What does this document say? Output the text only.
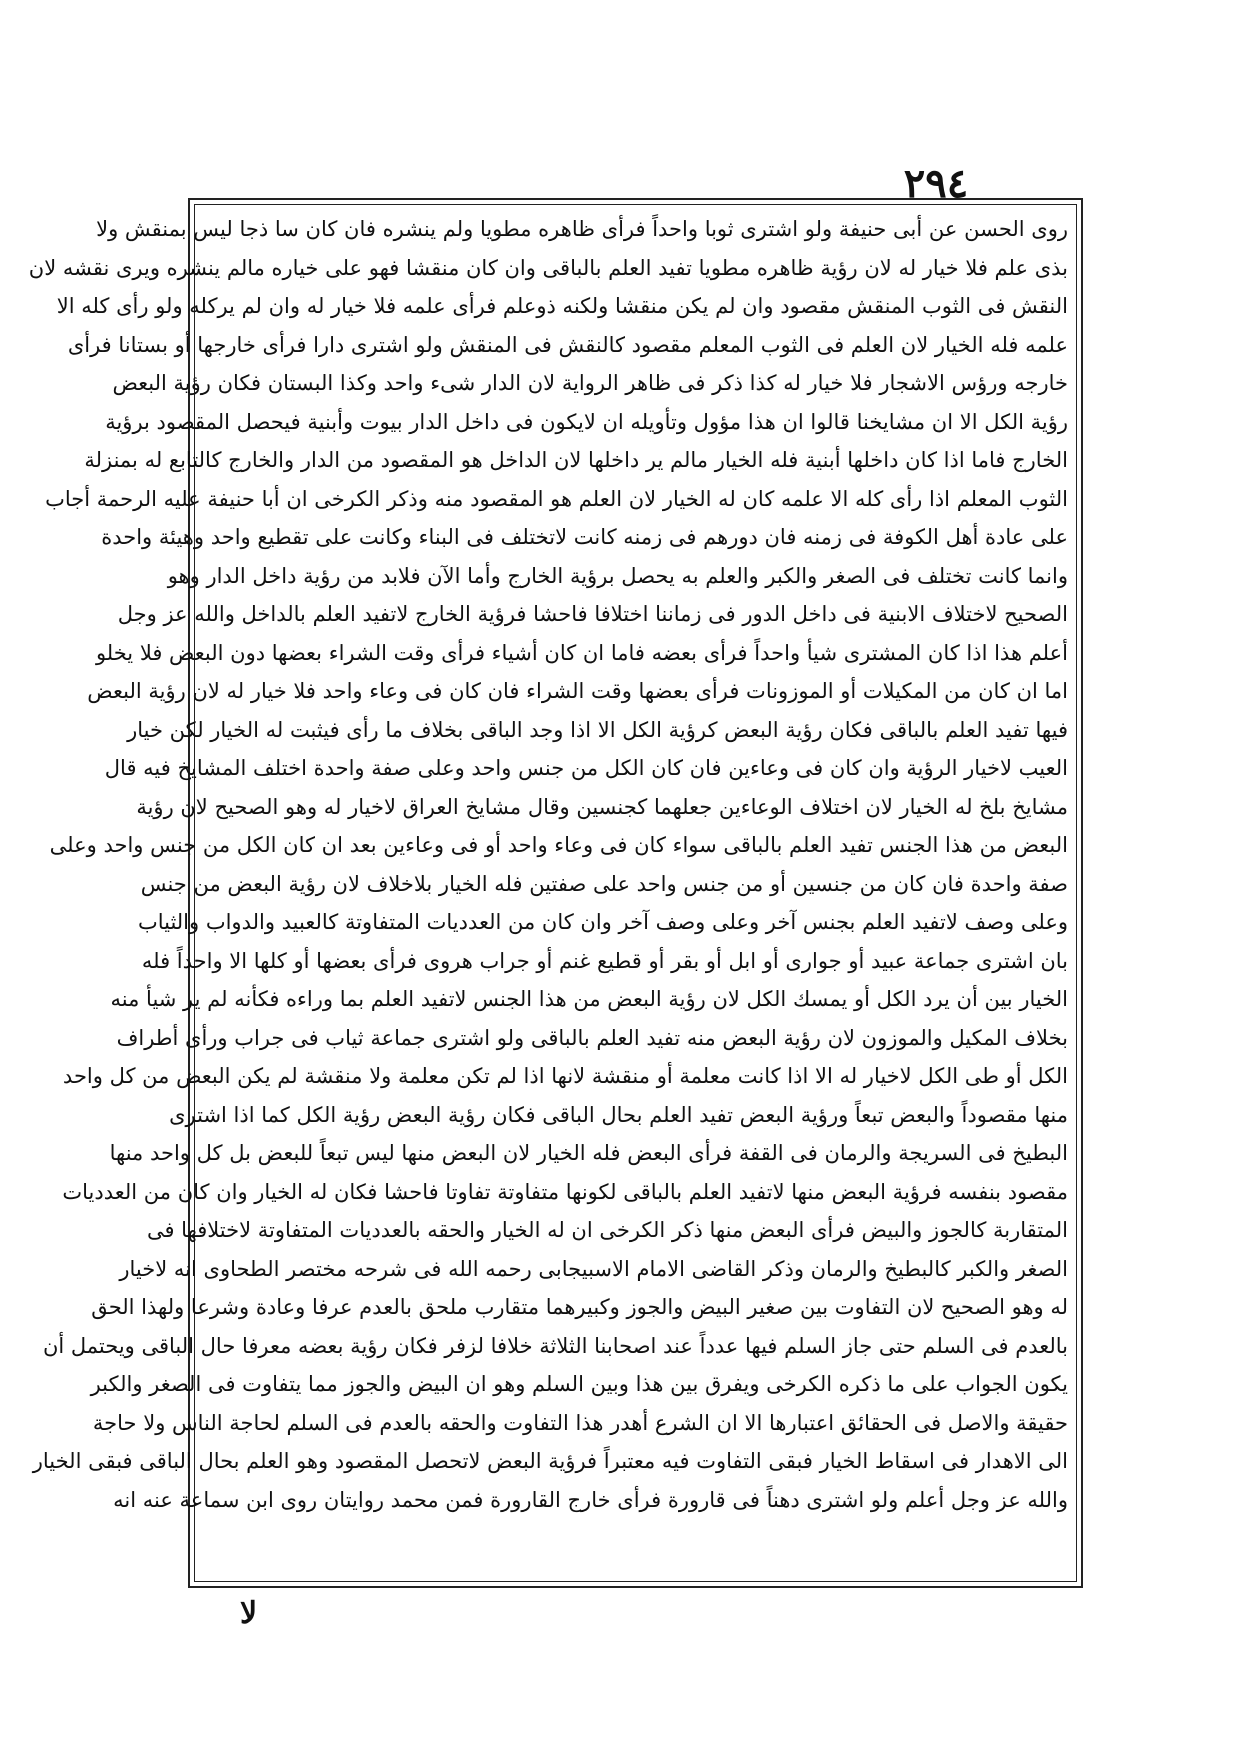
۲۹٤
روی الحسن عن أبی حنیفة ولو اشتری ثوبا واحداً فرأى ظاهره مطویا ولم ینشره فان كان سا ذجا لیس بمنقش ولا
بذی علم فلا خیار له لان رؤیة ظاهره مطویا تفید العلم بالباقی وان كان منقشا فهو على خیاره مالم ینشره ویرى نقشه لان
النقش فی الثوب المنقش مقصود وان لم یكن منقشا ولكنه ذوعلم فرأى علمه فلا خیار له وان لم یركله ولو رأى كله الا
علمه فله الخیار لان العلم فی الثوب المعلم مقصود كالنقش فی المنقش ولو اشترى دارا فرأى خارجها أو بستانا فرأى
خارجه ورؤس الاشجار فلا خیار له كذا ذكر فی ظاهر الروایة لان الدار شیء واحد وكذا البستان فكان رؤیة البعض
رؤیة الكل الا ان مشایخنا قالوا ان هذا مؤول وتأویله ان لایكون فی داخل الدار بیوت وأبنیة فیحصل المقصود برؤیة
الخارج فاما اذا كان داخلها أبنیة فله الخیار مالم یر داخلها لان الداخل هو المقصود من الدار والخارج كالتابع له بمنزلة
الثوب المعلم اذا رأى كله الا علمه كان له الخیار لان العلم هو المقصود منه وذكر الكرخی ان أبا حنیفة علیه الرحمة أجاب
على عادة أهل الكوفة فی زمنه فان دورهم فی زمنه كانت لاتختلف فی البناء وكانت على تقطیع واحد وهیئة واحدة
وانما كانت تختلف فی الصغر والكبر والعلم به یحصل برؤیة الخارج وأما الآن فلابد من رؤیة داخل الدار وهو
الصحیح لاختلاف الابنیة فی داخل الدور فی زماننا اختلافا فاحشا فرؤیة الخارج لاتفید العلم بالداخل والله عز وجل
أعلم هذا اذا كان المشتری شیأ واحداً فرأى بعضه فاما ان كان أشیاء فرأى وقت الشراء بعضها دون البعض فلا یخلو
اما ان كان من المكیلات أو الموزونات فرأى بعضها وقت الشراء فان كان فی وعاء واحد فلا خیار له لان رؤیة البعض
فیها تفید العلم بالباقی فكان رؤیة البعض كرؤیة الكل الا اذا وجد الباقی بخلاف ما رأى فیثبت له الخیار لكن خیار
العیب لاخیار الرؤیة وان كان فی وعاءین فان كان الكل من جنس واحد وعلى صفة واحدة اختلف المشایخ فیه قال
مشایخ بلخ له الخیار لان اختلاف الوعاءین جعلهما كجنسین وقال مشایخ العراق لاخیار له وهو الصحیح لان رؤیة
البعض من هذا الجنس تفید العلم بالباقی سواء كان فی وعاء واحد أو فی وعاءین بعد ان كان الكل من جنس واحد وعلى
صفة واحدة فان كان من جنسین أو من جنس واحد على صفتین فله الخیار بلاخلاف لان رؤیة البعض من جنس
وعلى وصف لاتفید العلم بجنس آخر وعلى وصف آخر وان كان من العددیات المتفاوتة كالعبید والدواب والثیاب
بان اشترى جماعة عبید أو جواری أو ابل أو بقر أو قطیع غنم أو جراب هروی فرأى بعضها أو كلها الا واحداً فله
الخیار بین أن یرد الكل أو یمسك الكل لان رؤیة البعض من هذا الجنس لاتفید العلم بما وراءه فكأنه لم یر شیأ منه
بخلاف المكیل والموزون لان رؤیة البعض منه تفید العلم بالباقی ولو اشترى جماعة ثیاب فی جراب ورأى أطراف
الكل أو طی الكل لاخیار له الا اذا كانت معلمة أو منقشة لانها اذا لم تكن معلمة ولا منقشة لم یكن البعض من كل واحد
منها مقصوداً والبعض تبعاً ورؤیة البعض تفید العلم بحال الباقی فكان رؤیة البعض رؤیة الكل كما اذا اشترى
البطیخ فی السریجة والرمان فی القفة فرأى البعض فله الخیار لان البعض منها لیس تبعاً للبعض بل كل واحد منها
مقصود بنفسه فرؤیة البعض منها لاتفید العلم بالباقی لكونها متفاوتة تفاوتا فاحشا فكان له الخیار وان كان من العددیات
المتقاربة كالجوز والبیض فرأى البعض منها ذكر الكرخی ان له الخیار والحقه بالعددیات المتفاوتة لاختلافها فی
الصغر والكبر كالبطیخ والرمان وذكر القاضی الامام الاسبیجابی رحمه الله فی شرحه مختصر الطحاوی انه لاخیار
له وهو الصحیح لان التفاوت بین صغیر البیض والجوز وكبیرهما متقارب ملحق بالعدم عرفا وعادة وشرعا ولهذا الحق
بالعدم فی السلم حتى جاز السلم فیها عدداً عند اصحابنا الثلاثة خلافا لزفر فكان رؤیة بعضه معرفا حال الباقی ویحتمل أن
یكون الجواب على ما ذكره الكرخی ویفرق بین هذا وبین السلم وهو ان البیض والجوز مما یتفاوت فی الصغر والكبر
حقیقة والاصل فی الحقائق اعتبارها الا ان الشرع أهدر هذا التفاوت والحقه بالعدم فی السلم لحاجة الناس ولا حاجة
الى الاهدار فی اسقاط الخیار فبقی التفاوت فیه معتبراً فرؤیة البعض لاتحصل المقصود وهو العلم بحال الباقی فبقی الخیار
والله عز وجل أعلم ولو اشترى دهناً فی قارورة فرأى خارج القارورة فمن محمد روایتان روى ابن سماعة عنه انه
لا
